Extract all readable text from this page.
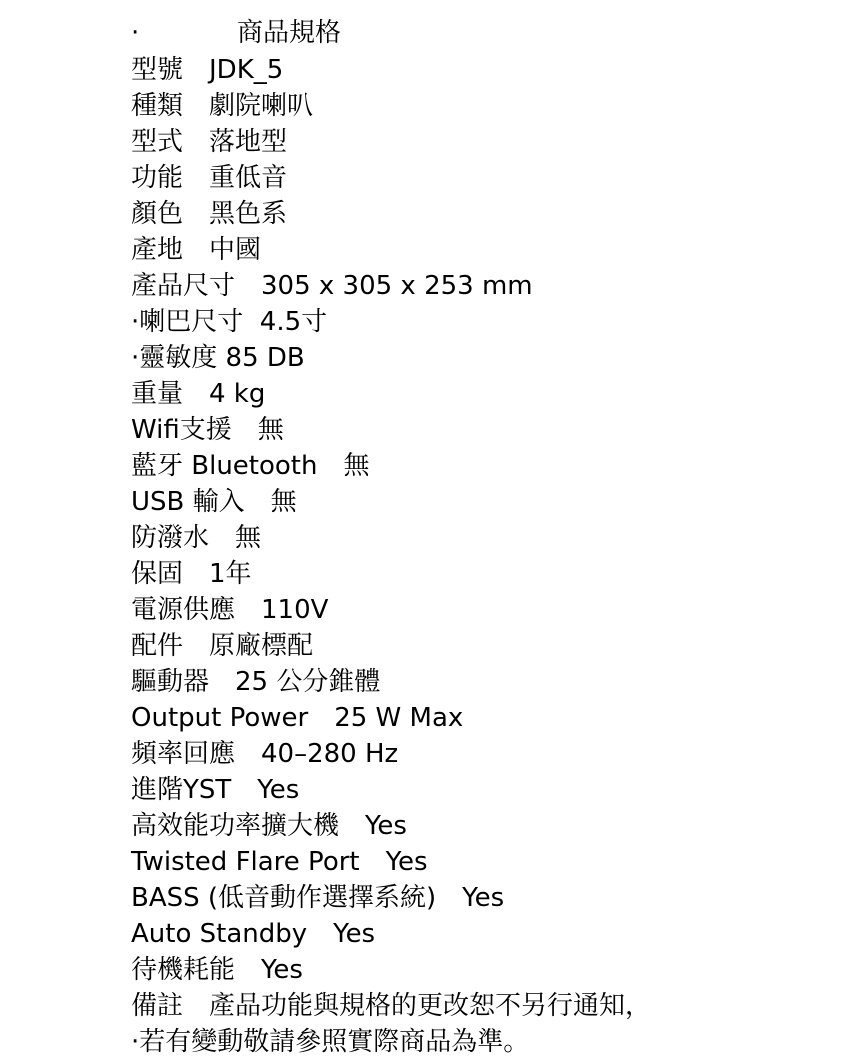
·	商品規格
型號　JDK_5
種類　劇院喇叭
型式　落地型
功能　重低音
顏色　黑色系
產地　中國
產品尺寸　305 x 305 x 253 mm
·喇巴尺寸  4.5寸
·靈敏度 85 DB
重量　4 kg
Wifi支援　無
藍牙 Bluetooth　無
USB 輸入　無
防潑水　無
保固　1年
電源供應　110V
配件　原廠標配
驅動器　25 公分錐體
Output Power　25 W Max
頻率回應　40–280 Hz
進階YST　Yes
高效能功率擴大機　Yes
Twisted Flare Port　Yes
BASS (低音動作選擇系統)　Yes
Auto Standby　Yes
待機耗能　Yes
備註　產品功能與規格的更改恕不另行通知，
·若有變動敬請參照實際商品為準。
